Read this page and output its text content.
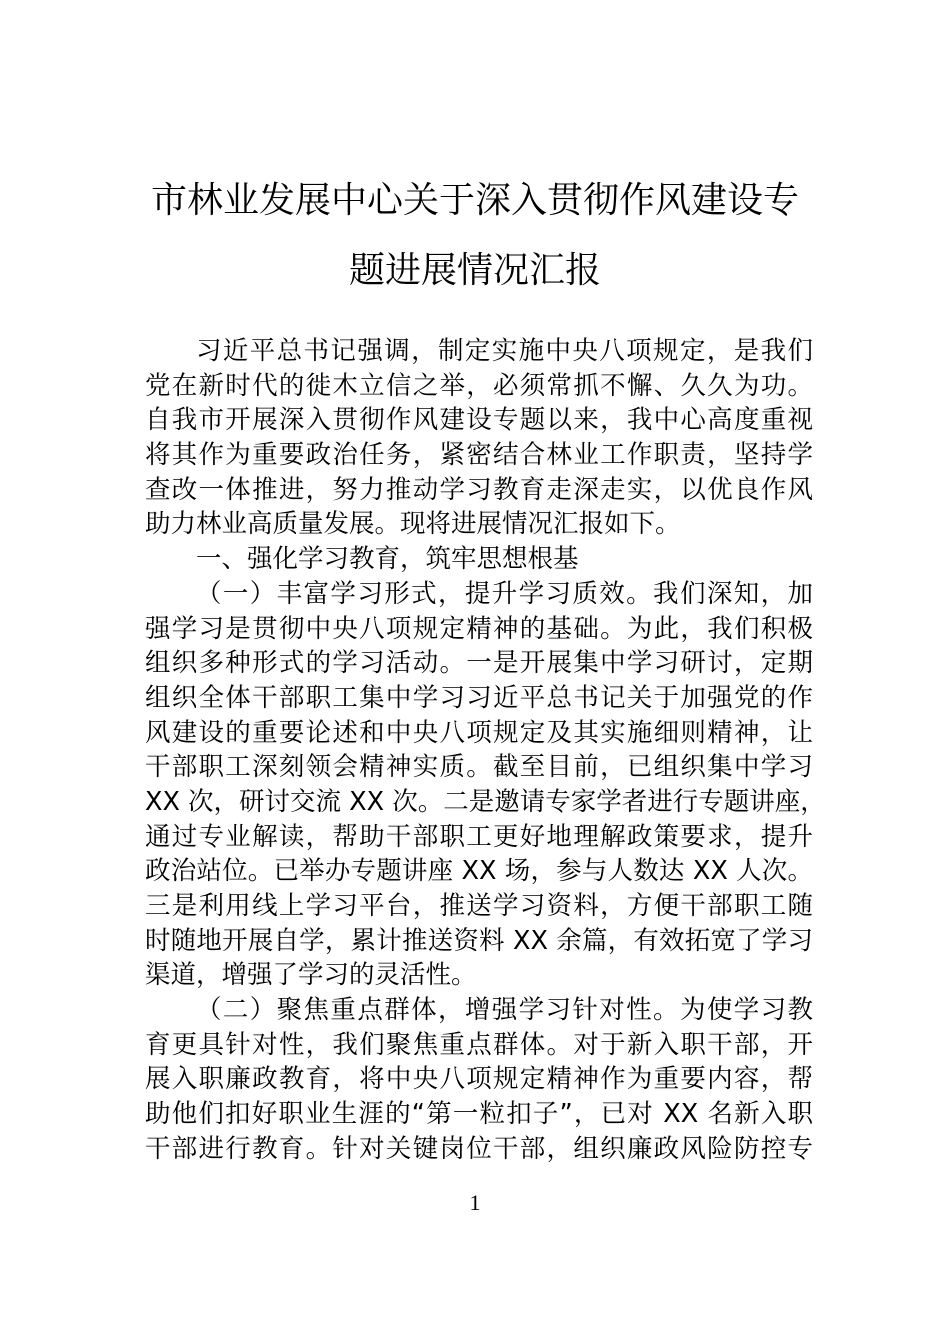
市林业发展中心关于深入贯彻作风建设专
题进展情况汇报
习近平总书记强调，制定实施中央八项规定，是我们
党在新时代的徙木立信之举，必须常抓不懈、久久为功。
自我市开展深入贯彻作风建设专题以来，我中心高度重视
将其作为重要政治任务，紧密结合林业工作职责，坚持学
查改一体推进，努力推动学习教育走深走实，以优良作风
助力林业高质量发展。现将进展情况汇报如下。
一、强化学习教育，筑牢思想根基
（一）丰富学习形式，提升学习质效。我们深知，加
强学习是贯彻中央八项规定精神的基础。为此，我们积极
组织多种形式的学习活动。一是开展集中学习研讨，定期
组织全体干部职工集中学习习近平总书记关于加强党的作
风建设的重要论述和中央八项规定及其实施细则精神，让
干部职工深刻领会精神实质。截至目前，已组织集中学习
XX 次，研讨交流 XX 次。二是邀请专家学者进行专题讲座，
通过专业解读，帮助干部职工更好地理解政策要求，提升
政治站位。已举办专题讲座 XX 场，参与人数达 XX 人次。
三是利用线上学习平台，推送学习资料，方便干部职工随
时随地开展自学，累计推送资料 XX 余篇，有效拓宽了学习
渠道，增强了学习的灵活性。
（二）聚焦重点群体，增强学习针对性。为使学习教
育更具针对性，我们聚焦重点群体。对于新入职干部，开
展入职廉政教育，将中央八项规定精神作为重要内容，帮
助他们扣好职业生涯的“第一粒扣子”，已对 XX 名新入职
干部进行教育。针对关键岗位干部，组织廉政风险防控专
1
